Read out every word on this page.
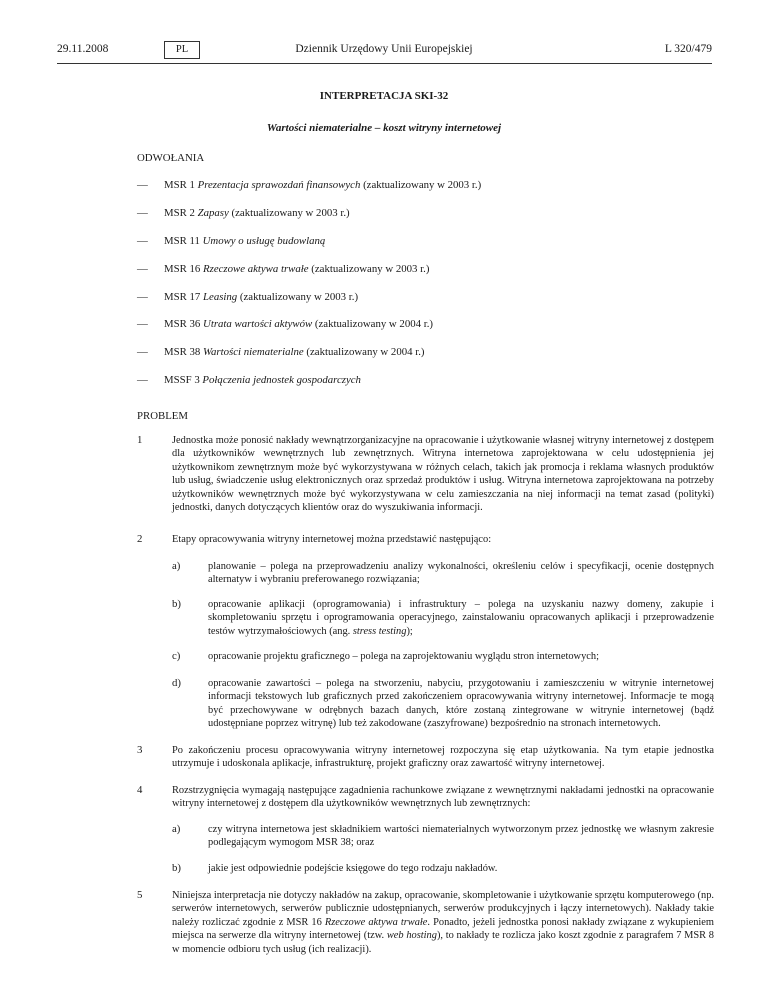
29.11.2008	PL	Dziennik Urzędowy Unii Europejskiej	L 320/479
INTERPRETACJA SKI-32
Wartości niematerialne – koszt witryny internetowej
ODWOŁANIA
— MSR 1 Prezentacja sprawozdań finansowych (zaktualizowany w 2003 r.)
— MSR 2 Zapasy (zaktualizowany w 2003 r.)
— MSR 11 Umowy o usługę budowlaną
— MSR 16 Rzeczowe aktywa trwałe (zaktualizowany w 2003 r.)
— MSR 17 Leasing (zaktualizowany w 2003 r.)
— MSR 36 Utrata wartości aktywów (zaktualizowany w 2004 r.)
— MSR 38 Wartości niematerialne (zaktualizowany w 2004 r.)
— MSSF 3 Połączenia jednostek gospodarczych
PROBLEM
1	Jednostka może ponosić nakłady wewnątrzorganizacyjne na opracowanie i użytkowanie własnej witryny internetowej z dostępem dla użytkowników wewnętrznych lub zewnętrznych. Witryna internetowa zaprojektowana w celu udostępnienia jej użytkownikom zewnętrznym może być wykorzystywana w różnych celach, takich jak promocja i reklama własnych produktów lub usług, świadczenie usług elektronicznych oraz sprzedaż produktów i usług. Witryna internetowa zaprojektowana na potrzeby użytkowników wewnętrznych może być wykorzystywana w celu zamieszczania na niej informacji na temat zasad (polityki) jednostki, danych dotyczących klientów oraz do wyszukiwania informacji.
2	Etapy opracowywania witryny internetowej można przedstawić następująco:
a)	planowanie – polega na przeprowadzeniu analizy wykonalności, określeniu celów i specyfikacji, ocenie dostępnych alternatyw i wybraniu preferowanego rozwiązania;
b)	opracowanie aplikacji (oprogramowania) i infrastruktury – polega na uzyskaniu nazwy domeny, zakupie i skompletowaniu sprzętu i oprogramowania operacyjnego, zainstalowaniu opracowanych aplikacji i przeprowadzenie testów wytrzymałościowych (ang. stress testing);
c)	opracowanie projektu graficznego – polega na zaprojektowaniu wyglądu stron internetowych;
d)	opracowanie zawartości – polega na stworzeniu, nabyciu, przygotowaniu i zamieszczeniu w witrynie internetowej informacji tekstowych lub graficznych przed zakończeniem opracowywania witryny internetowej. Informacje te mogą być przechowywane w odrębnych bazach danych, które zostaną zintegrowane w witrynie internetowej (bądź udostępniane poprzez witrynę) lub też zakodowane (zaszyfrowane) bezpośrednio na stronach internetowych.
3	Po zakończeniu procesu opracowywania witryny internetowej rozpoczyna się etap użytkowania. Na tym etapie jednostka utrzymuje i udoskonala aplikacje, infrastrukturę, projekt graficzny oraz zawartość witryny internetowej.
4	Rozstrzygnięcia wymagają następujące zagadnienia rachunkowe związane z wewnętrznymi nakładami jednostki na opracowanie witryny internetowej z dostępem dla użytkowników wewnętrznych lub zewnętrznych:
a)	czy witryna internetowa jest składnikiem wartości niematerialnych wytworzonym przez jednostkę we własnym zakresie podlegającym wymogom MSR 38; oraz
b)	jakie jest odpowiednie podejście księgowe do tego rodzaju nakładów.
5	Niniejsza interpretacja nie dotyczy nakładów na zakup, opracowanie, skompletowanie i użytkowanie sprzętu komputerowego (np. serwerów internetowych, serwerów publicznie udostępnianych, serwerów produkcyjnych i łączy internetowych). Nakłady takie należy rozliczać zgodnie z MSR 16 Rzeczowe aktywa trwałe. Ponadto, jeżeli jednostka ponosi nakłady związane z wykupieniem miejsca na serwerze dla witryny internetowej (tzw. web hosting), to nakłady te rozlicza jako koszt zgodnie z paragrafem 7 MSR 8 w momencie odbioru tych usług (ich realizacji).
